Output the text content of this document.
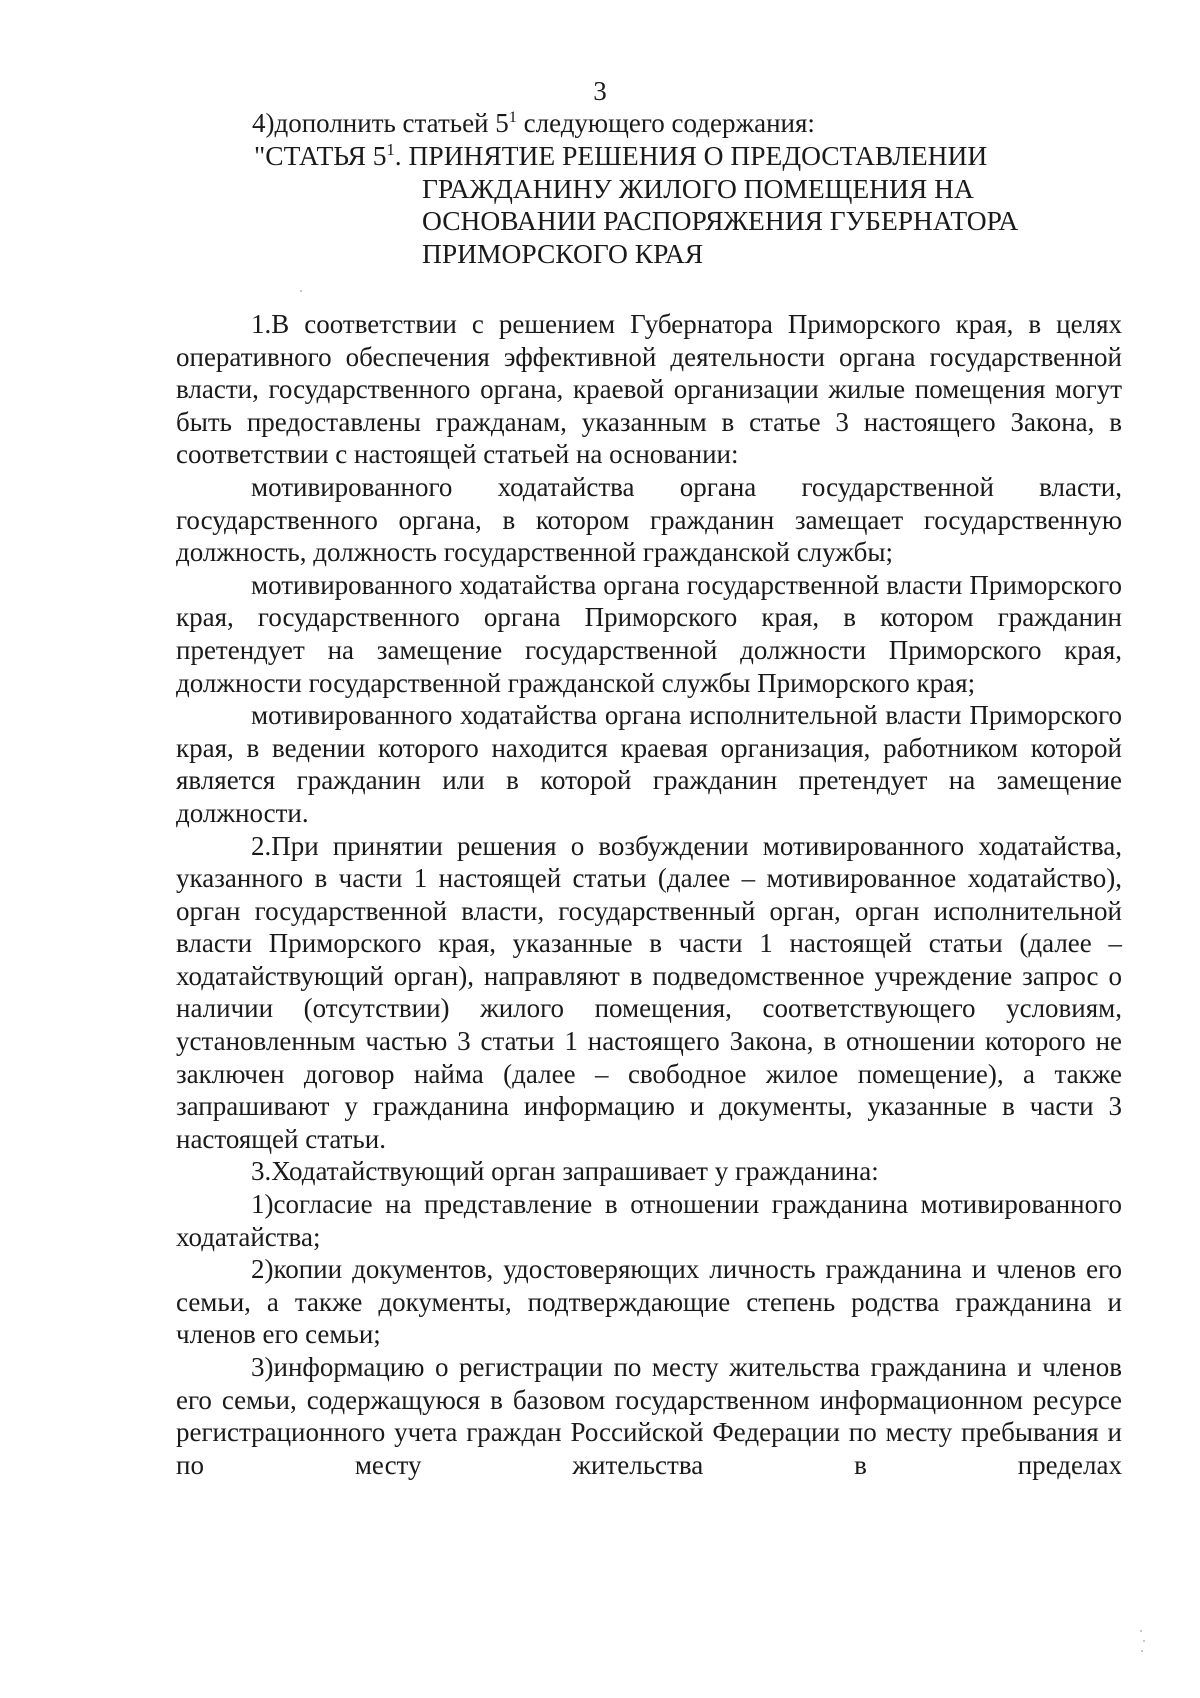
3
4)дополнить статьей $5^1$ следующего содержания:
"СТАТЬЯ $5^1$. ПРИНЯТИЕ РЕШЕНИЯ О ПРЕДОСТАВЛЕНИИ
ГРАЖДАНИНУ ЖИЛОГО ПОМЕЩЕНИЯ НА
ОСНОВАНИИ РАСПОРЯЖЕНИЯ ГУБЕРНАТОРА
ПРИМОРСКОГО КРАЯ

1.В соответствии с решением Губернатора Приморского края, в целях оперативного обеспечения эффективной деятельности органа государственной власти, государственного органа, краевой организации жилые помещения могут быть предоставлены гражданам, указанным в статье 3 настоящего Закона, в соответствии с настоящей статьей на основании:

мотивированного ходатайства органа государственной власти, государственного органа, в котором гражданин замещает государственную должность, должность государственной гражданской службы;

мотивированного ходатайства органа государственной власти Приморского края, государственного органа Приморского края, в котором гражданин претендует на замещение государственной должности Приморского края, должности государственной гражданской службы Приморского края;

мотивированного ходатайства органа исполнительной власти Приморского края, в ведении которого находится краевая организация, работником которой является гражданин или в которой гражданин претендует на замещение должности.

2.При принятии решения о возбуждении мотивированного ходатайства, указанного в части 1 настоящей статьи (далее – мотивированное ходатайство), орган государственной власти, государственный орган, орган исполнительной власти Приморского края, указанные в части 1 настоящей статьи (далее – ходатайствующий орган), направляют в подведомственное учреждение запрос о наличии (отсутствии) жилого помещения, соответствующего условиям, установленным частью 3 статьи 1 настоящего Закона, в отношении которого не заключен договор найма (далее – свободное жилое помещение), а также запрашивают у гражданина информацию и документы, указанные в части 3 настоящей статьи.

3.Ходатайствующий орган запрашивает у гражданина:

1)согласие на представление в отношении гражданина мотивированного ходатайства;

2)копии документов, удостоверяющих личность гражданина и членов его семьи, а также документы, подтверждающие степень родства гражданина и членов его семьи;

3)информацию о регистрации по месту жительства гражданина и членов его семьи, содержащуюся в базовом государственном информационном ресурсе регистрационного учета граждан Российской Федерации по месту пребывания и по месту жительства в пределах
